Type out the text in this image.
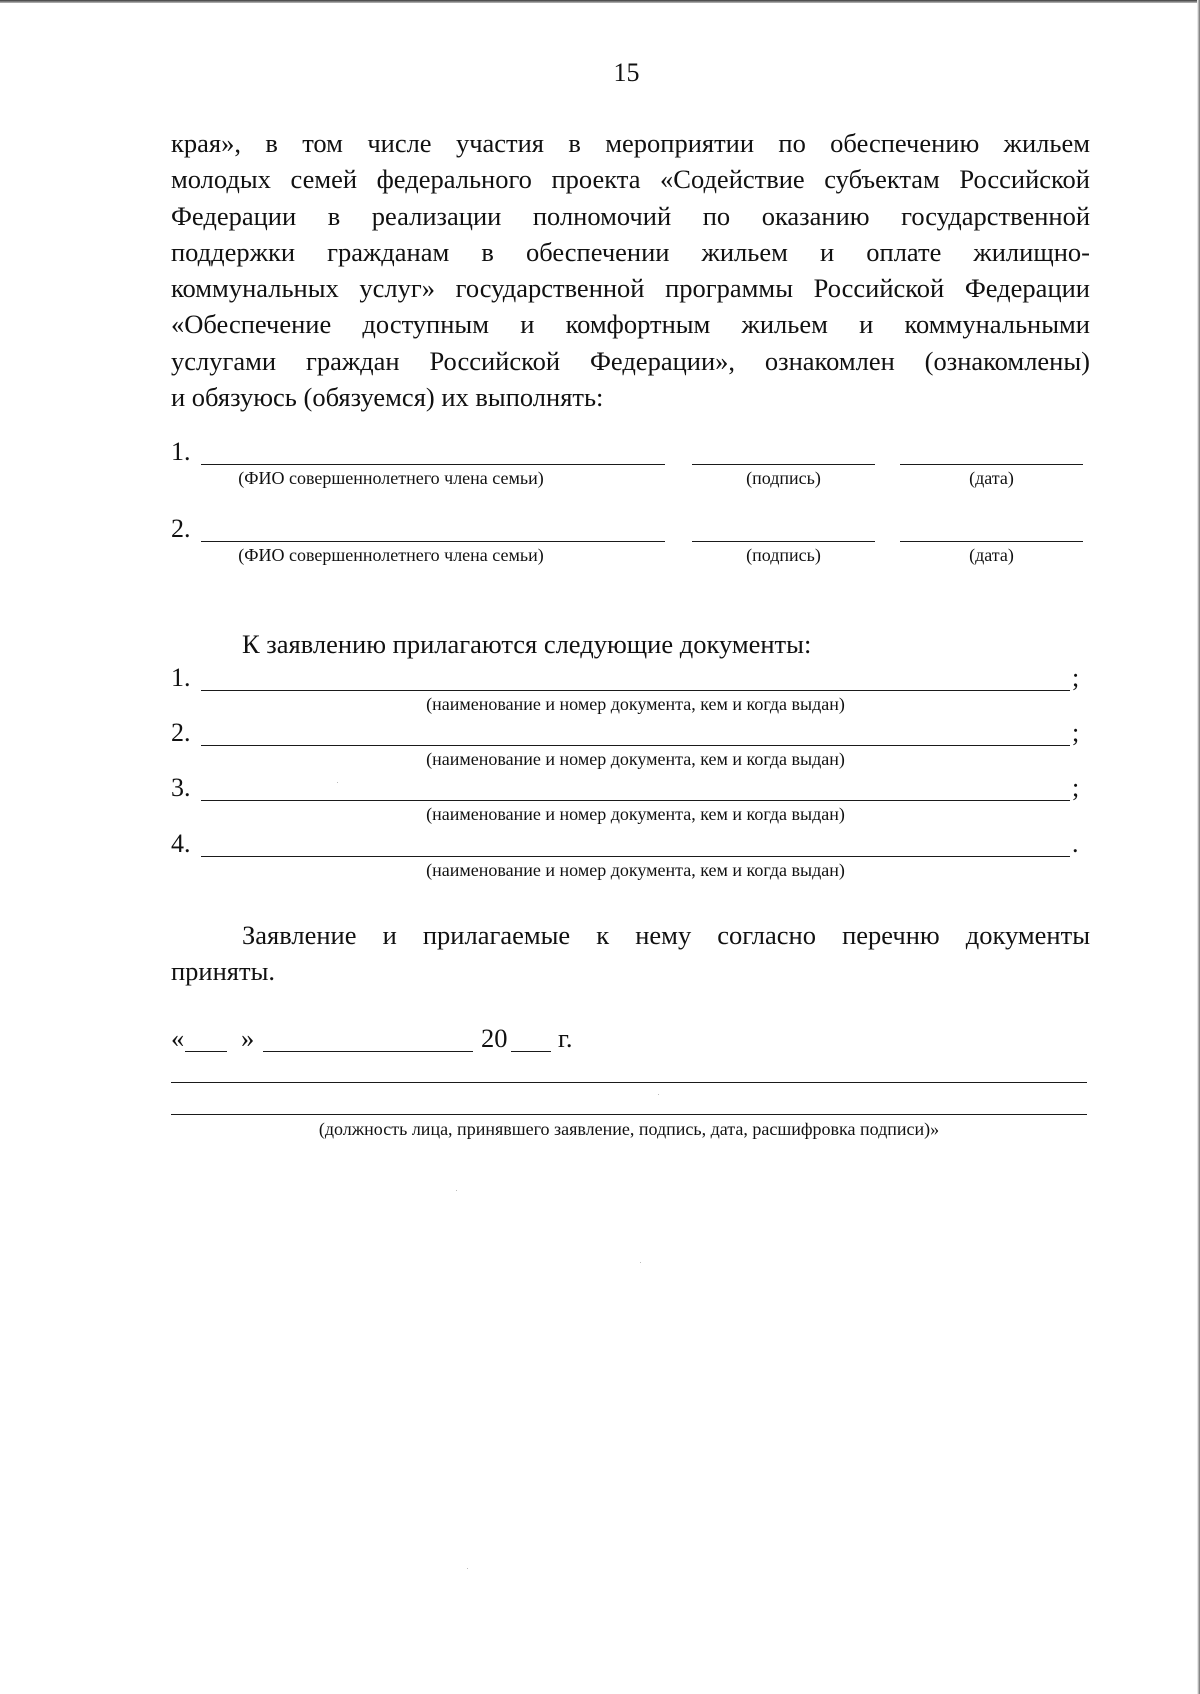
15
края», в том числе участия в мероприятии по обеспечению жильем
молодых семей федерального проекта «Содействие субъектам Российской
Федерации в реализации полномочий по оказанию государственной
поддержки гражданам в обеспечении жильем и оплате жилищно-
коммунальных услуг» государственной программы Российской Федерации
«Обеспечение доступным и комфортным жильем и коммунальными
услугами граждан Российской Федерации», ознакомлен (ознакомлены)
и обязуюсь (обязуемся) их выполнять:
1.
(ФИО совершеннолетнего члена семьи)	(подпись)	(дата)
2.
(ФИО совершеннолетнего члена семьи)	(подпись)	(дата)
К заявлению прилагаются следующие документы:
1.	;
(наименование и номер документа, кем и когда выдан)
2.	;
(наименование и номер документа, кем и когда выдан)
3.	;
(наименование и номер документа, кем и когда выдан)
4.	.
(наименование и номер документа, кем и когда выдан)
Заявление и прилагаемые к нему согласно перечню документы
приняты.
« »	20 г.
(должность лица, принявшего заявление, подпись, дата, расшифровка подписи)»
